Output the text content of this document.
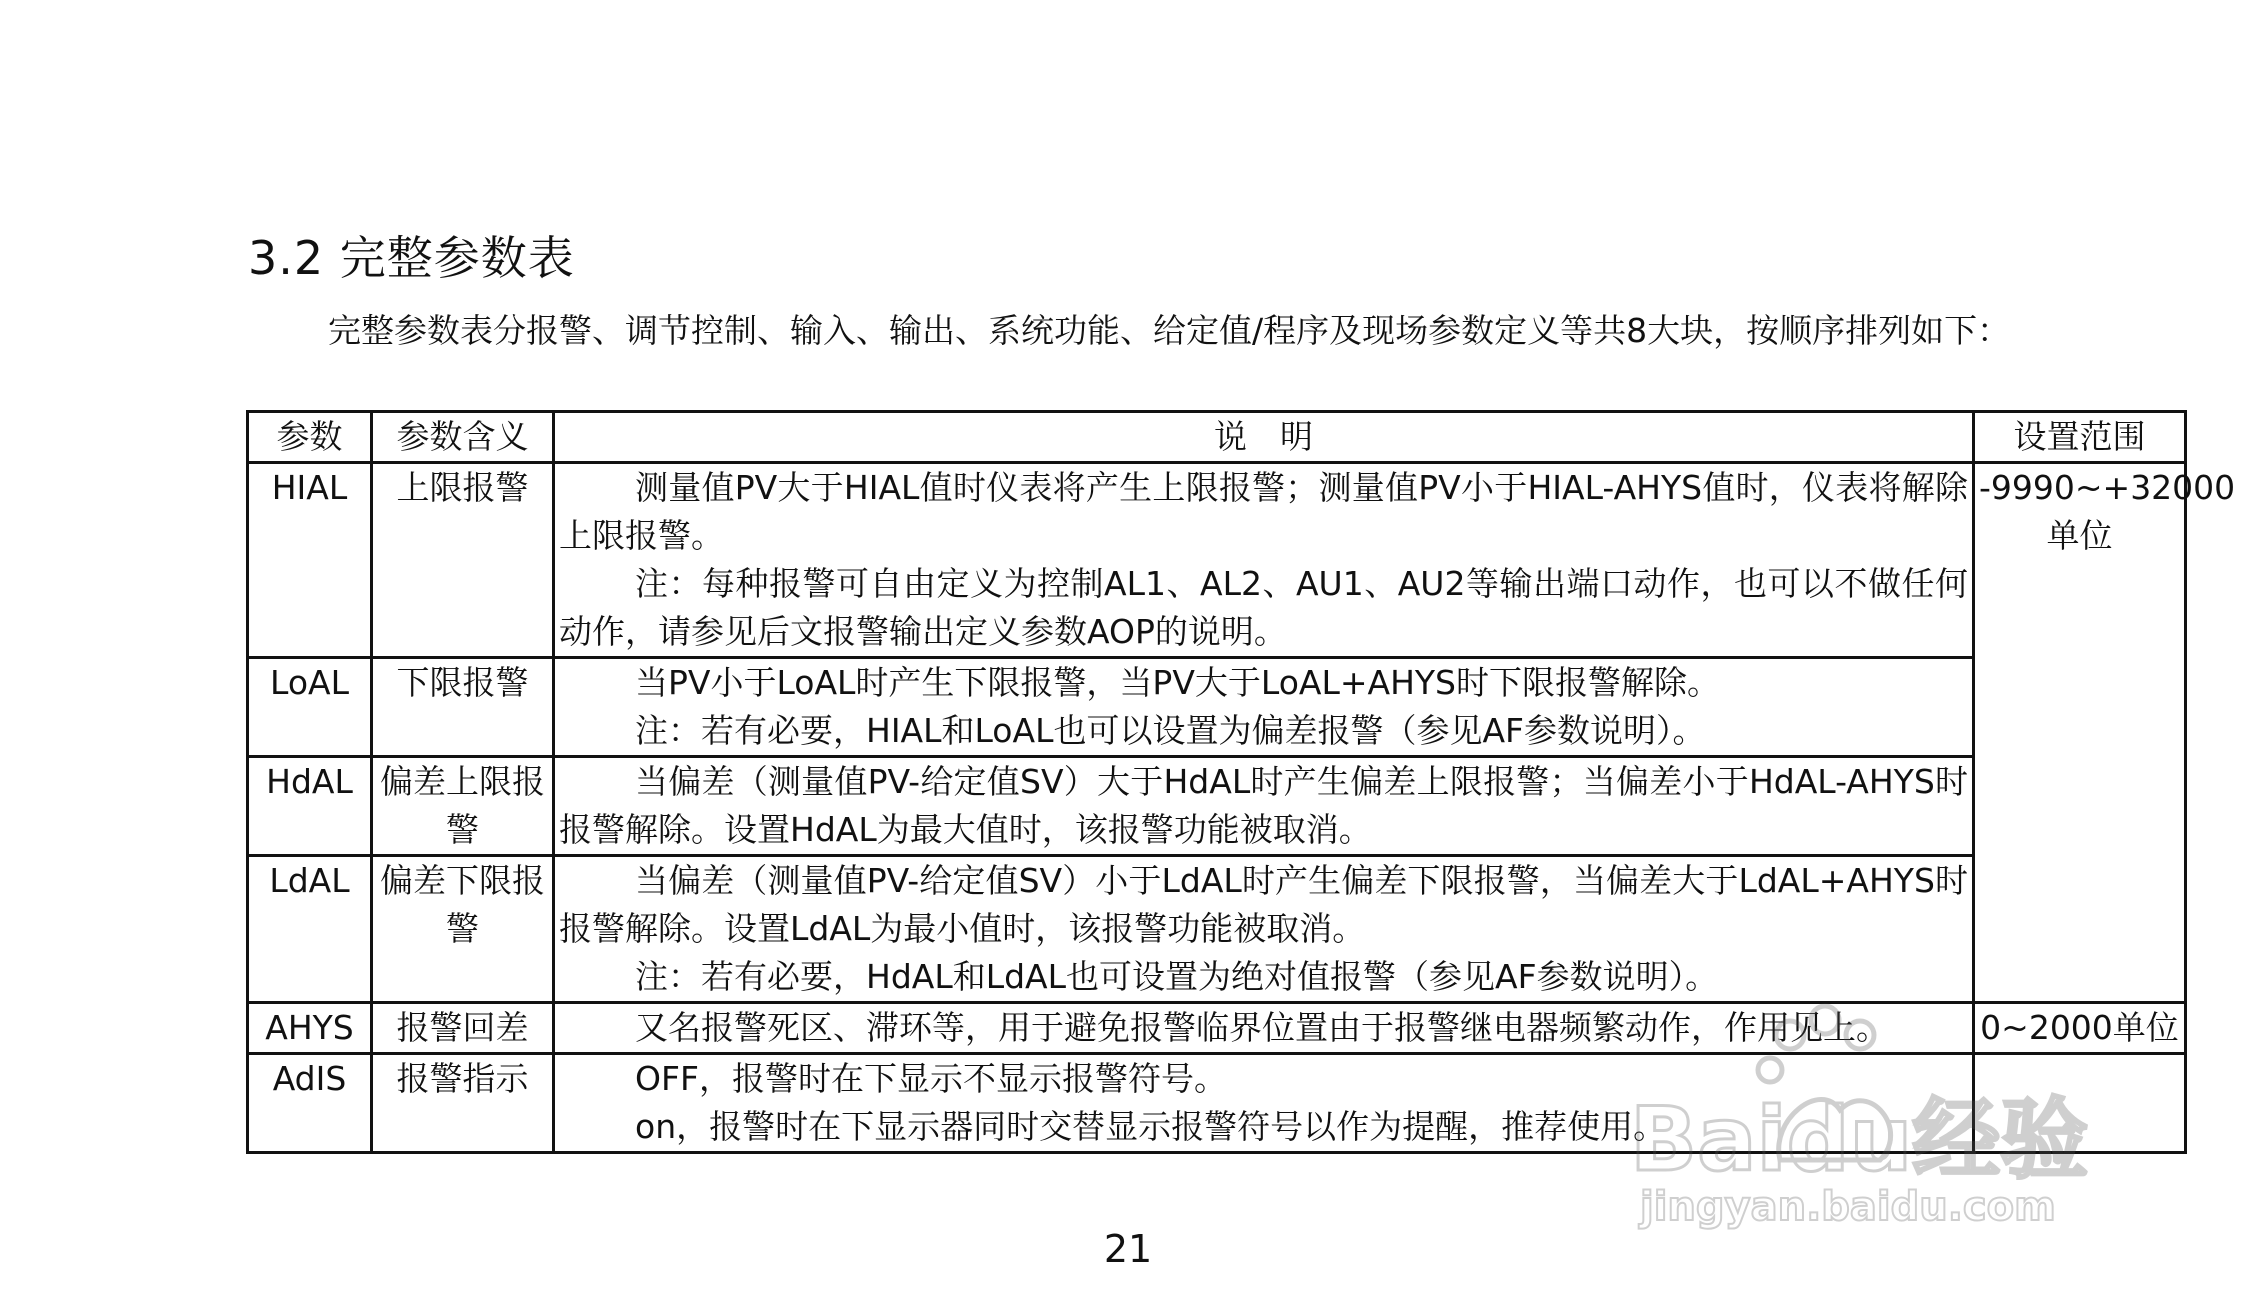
3.2 完整参数表
完整参数表分报警、调节控制、输入、输出、系统功能、给定值/程序及现场参数定义等共8大块，按顺序排列如下：
参数	参数含义	说　明	设置范围
HIAL	上限报警	测量值PV大于HIAL值时仪表将产生上限报警；测量值PV小于HIAL-AHYS值时，仪表将解除上限报警。

注：每种报警可自由定义为控制AL1、AL2、AU1、AU2等输出端口动作，也可以不做任何动作，请参见后文报警输出定义参数AOP的说明。	-9990~+32000单位
LoAL	下限报警	当PV小于LoAL时产生下限报警，当PV大于LoAL+AHYS时下限报警解除。

注：若有必要，HIAL和LoAL也可以设置为偏差报警（参见AF参数说明）。	

HdAL	偏差上限报警	当偏差（测量值PV-给定值SV）大于HdAL时产生偏差上限报警；当偏差小于HdAL-AHYS时报警解除。设置HdAL为最大值时，该报警功能被取消。	

LdAL	偏差下限报警	当偏差（测量值PV-给定值SV）小于LdAL时产生偏差下限报警，当偏差大于LdAL+AHYS时报警解除。设置LdAL为最小值时，该报警功能被取消。

注：若有必要，HdAL和LdAL也可设置为绝对值报警（参见AF参数说明）。	

AHYS	报警回差	又名报警死区、滞环等，用于避免报警临界位置由于报警继电器频繁动作，作用见上。	0~2000单位
AdIS	报警指示	OFF，报警时在下显示不显示报警符号。

on，报警时在下显示器同时交替显示报警符号以作为提醒，推荐使用。	

21
Baidu经验
jingyan.baidu.com
